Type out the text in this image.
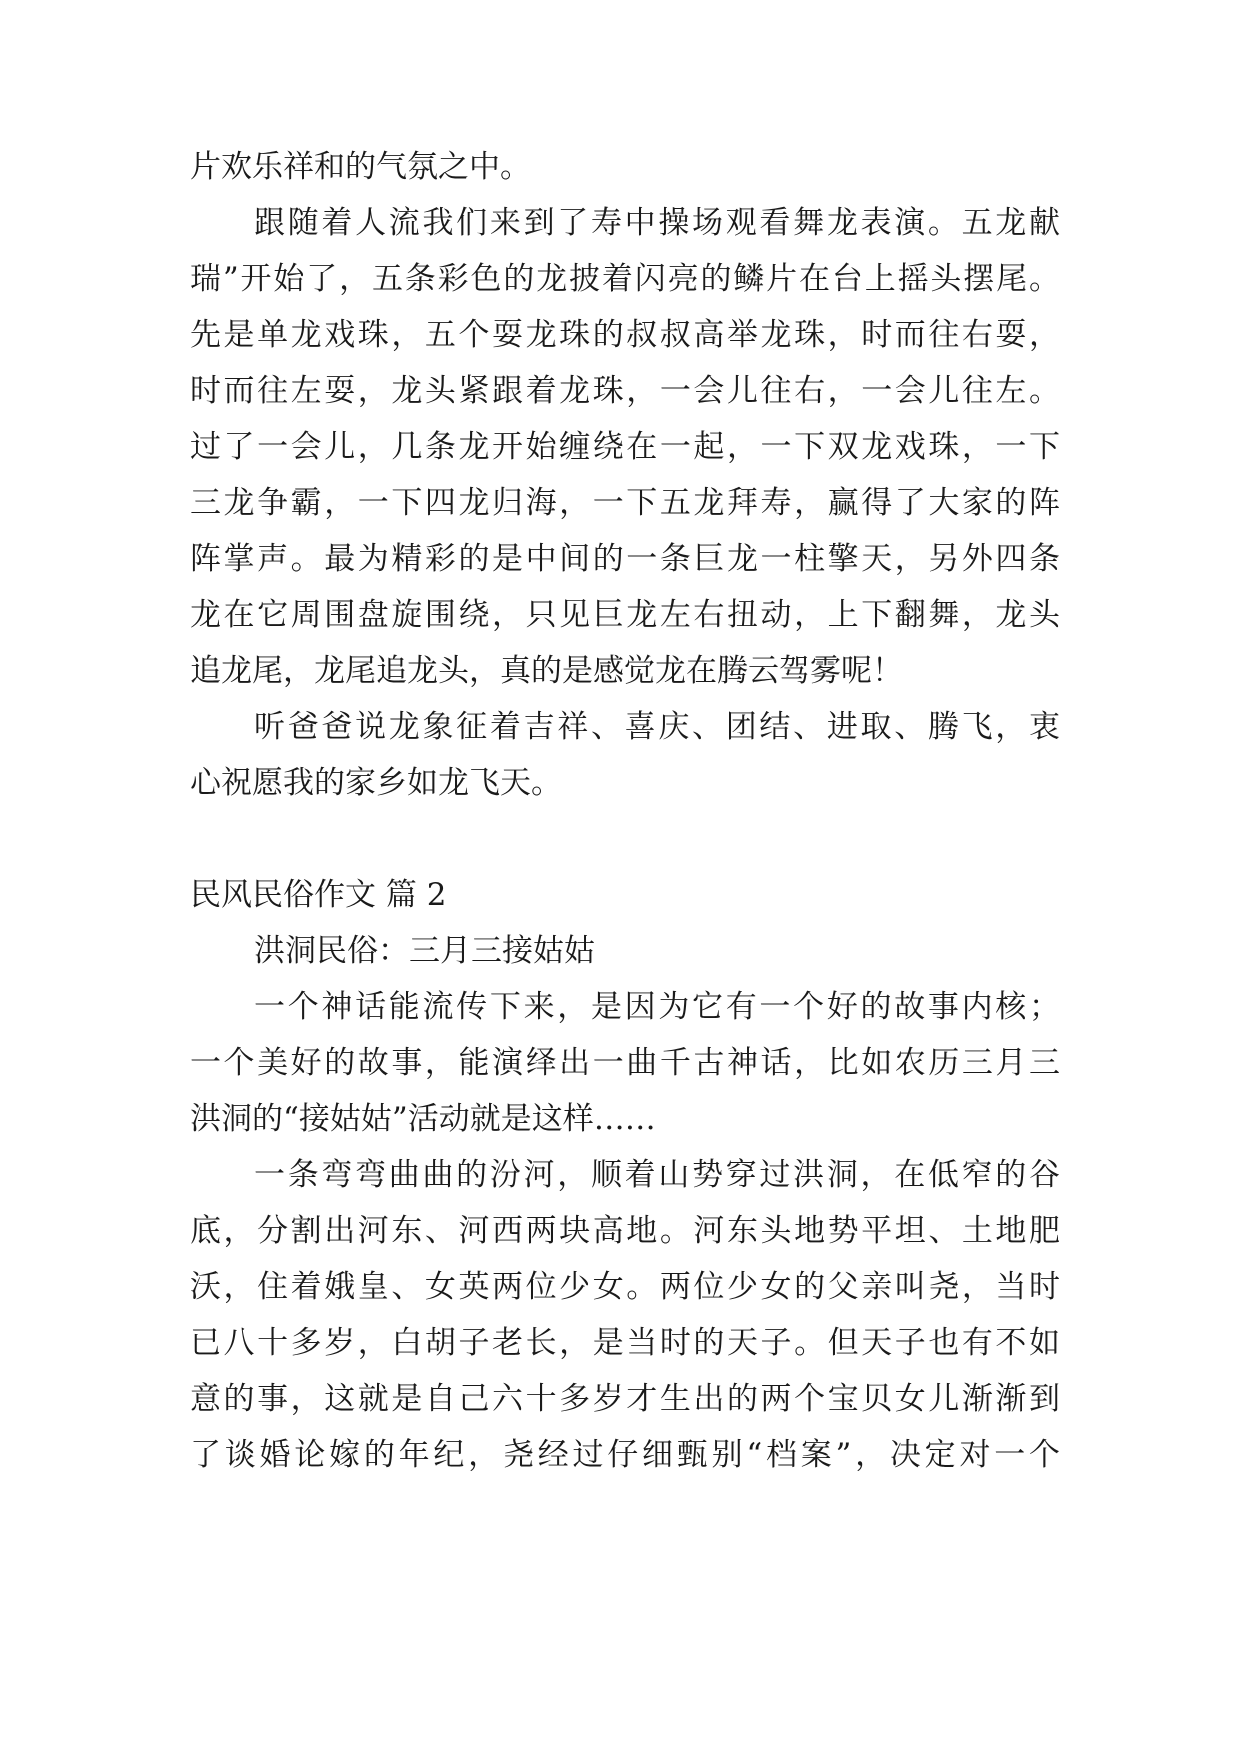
片欢乐祥和的气氛之中。
跟随着人流我们来到了寿中操场观看舞龙表演。五龙献
瑞”开始了，五条彩色的龙披着闪亮的鳞片在台上摇头摆尾。
先是单龙戏珠，五个耍龙珠的叔叔高举龙珠，时而往右耍，
时而往左耍，龙头紧跟着龙珠，一会儿往右，一会儿往左。
过了一会儿，几条龙开始缠绕在一起，一下双龙戏珠，一下
三龙争霸，一下四龙归海，一下五龙拜寿，赢得了大家的阵
阵掌声。最为精彩的是中间的一条巨龙一柱擎天，另外四条
龙在它周围盘旋围绕，只见巨龙左右扭动，上下翻舞，龙头
追龙尾，龙尾追龙头，真的是感觉龙在腾云驾雾呢！
听爸爸说龙象征着吉祥、喜庆、团结、进取、腾飞，衷
心祝愿我的家乡如龙飞天。
民风民俗作文 篇 2
洪洞民俗：三月三接姑姑
一个神话能流传下来，是因为它有一个好的故事内核；
一个美好的故事，能演绎出一曲千古神话，比如农历三月三
洪洞的“接姑姑”活动就是这样……
一条弯弯曲曲的汾河，顺着山势穿过洪洞，在低窄的谷
底，分割出河东、河西两块高地。河东头地势平坦、土地肥
沃，住着娥皇、女英两位少女。两位少女的父亲叫尧，当时
已八十多岁，白胡子老长，是当时的天子。但天子也有不如
意的事，这就是自己六十多岁才生出的两个宝贝女儿渐渐到
了谈婚论嫁的年纪，尧经过仔细甄别“档案”，决定对一个
